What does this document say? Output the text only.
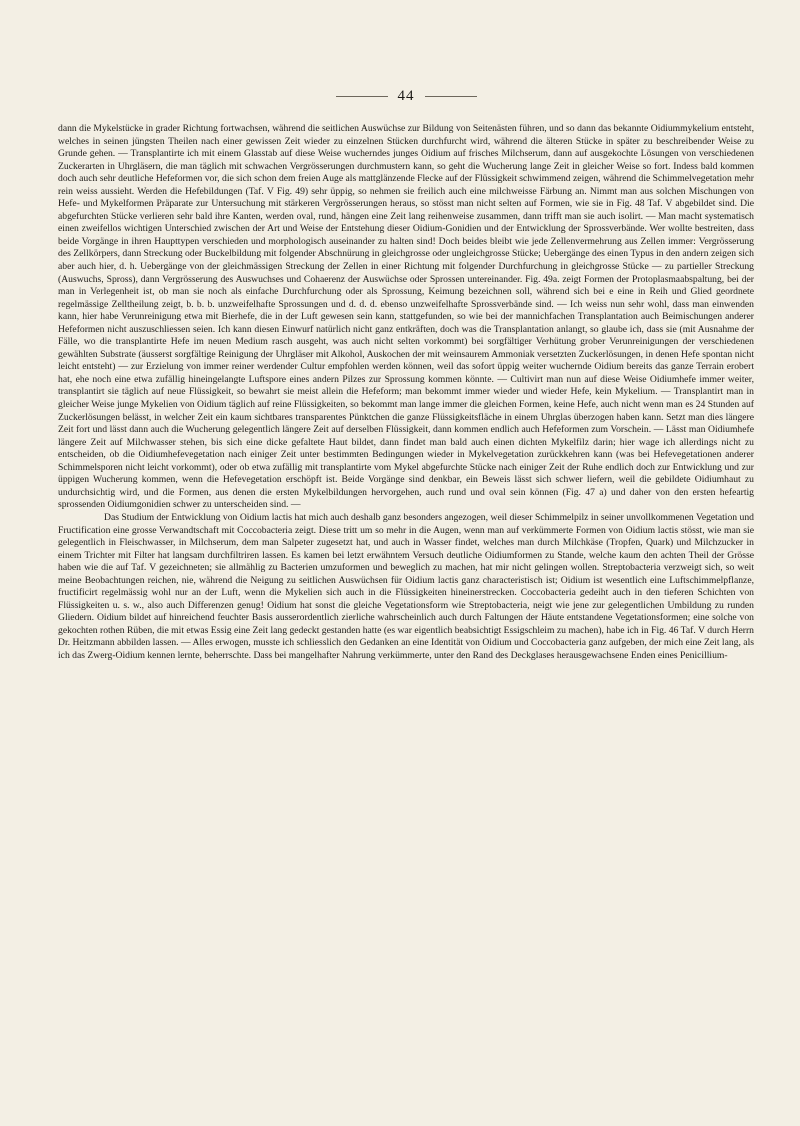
44

dann die Mykelstücke in grader Richtung fortwachsen, während die seitlichen Auswüchse zur Bildung von Seitenästen führen, und so dann das bekannte Oidiummykelium entsteht, welches in seinen jüngsten Theilen nach einer gewissen Zeit wieder zu einzelnen Stücken durchfurcht wird, während die älteren Stücke in später zu beschreibender Weise zu Grunde gehen. — Transplantirte ich mit einem Glasstab auf diese Weise wucherndes junges Oidium auf frisches Milchserum, dann auf ausgekochte Lösungen von verschiedenen Zuckerarten in Uhrgläsern, die man täglich mit schwachen Vergrösserungen durchmustern kann, so geht die Wucherung lange Zeit in gleicher Weise so fort. Indess bald kommen doch auch sehr deutliche Hefeformen vor, die sich schon dem freien Auge als mattglänzende Flecke auf der Flüssigkeit schwimmend zeigen, während die Schimmelvegetation mehr rein weiss aussieht. Werden die Hefebildungen (Taf. V Fig. 49) sehr üppig, so nehmen sie freilich auch eine milchweisse Färbung an. Nimmt man aus solchen Mischungen von Hefe- und Mykelformen Präparate zur Untersuchung mit stärkeren Vergrösserungen heraus, so stösst man nicht selten auf Formen, wie sie in Fig. 48 Taf. V abgebildet sind. Die abgefurchten Stücke verlieren sehr bald ihre Kanten, werden oval, rund, hängen eine Zeit lang reihenweise zusammen, dann trifft man sie auch isolirt. — Man macht systematisch einen zweifellos wichtigen Unterschied zwischen der Art und Weise der Entstehung dieser Oidium-Gonidien und der Entwicklung der Sprossverbände. Wer wollte bestreiten, dass beide Vorgänge in ihren Haupttypen verschieden und morphologisch auseinander zu halten sind! Doch beides bleibt wie jede Zellenvermehrung aus Zellen immer: Vergrösserung des Zellkörpers, dann Streckung oder Buckelbildung mit folgender Abschnürung in gleichgrosse oder ungleichgrosse Stücke; Uebergänge des einen Typus in den andern zeigen sich aber auch hier, d. h. Uebergänge von der gleichmässigen Streckung der Zellen in einer Richtung mit folgender Durchfurchung in gleichgrosse Stücke — zu partieller Streckung (Auswuchs, Spross), dann Vergrösserung des Auswuchses und Cohaerenz der Auswüchse oder Sprossen untereinander. Fig. 49a. zeigt Formen der Protoplasmaabspaltung, bei der man in Verlegenheit ist, ob man sie noch als einfache Durchfurchung oder als Sprossung, Keimung bezeichnen soll, während sich bei e eine in Reih und Glied geordnete regelmässige Zelltheilung zeigt, b. b. b. unzweifelhafte Sprossungen und d. d. d. ebenso unzweifelhafte Sprossverbände sind. — Ich weiss nun sehr wohl, dass man einwenden kann, hier habe Verunreinigung etwa mit Bierhefe, die in der Luft gewesen sein kann, stattgefunden, so wie bei der mannichfachen Transplantation auch Beimischungen anderer Hefeformen nicht auszuschliessen seien. Ich kann diesen Einwurf natürlich nicht ganz entkräften, doch was die Transplantation anlangt, so glaube ich, dass sie (mit Ausnahme der Fälle, wo die transplantirte Hefe im neuen Medium rasch ausgeht, was auch nicht selten vorkommt) bei sorgfältiger Verhütung grober Verunreinigungen der verschiedenen gewählten Substrate (äusserst sorgfältige Reinigung der Uhrgläser mit Alkohol, Auskochen der mit weinsaurem Ammoniak versetzten Zuckerlösungen, in denen Hefe spontan nicht leicht entsteht) — zur Erzielung von immer reiner werdender Cultur empfohlen werden können, weil das sofort üppig weiter wuchernde Oidium bereits das ganze Terrain erobert hat, ehe noch eine etwa zufällig hineingelangte Luftspore eines andern Pilzes zur Sprossung kommen könnte. — Cultivirt man nun auf diese Weise Oidiumhefe immer weiter, transplantirt sie täglich auf neue Flüssigkeit, so bewahrt sie meist allein die Hefeform; man bekommt immer wieder und wieder Hefe, kein Mykelium. — Transplantirt man in gleicher Weise junge Mykelien von Oidium täglich auf reine Flüssigkeiten, so bekommt man lange immer die gleichen Formen, keine Hefe, auch nicht wenn man es 24 Stunden auf Zuckerlösungen belässt, in welcher Zeit ein kaum sichtbares transparentes Pünktchen die ganze Flüssigkeitsfläche in einem Uhrglas überzogen haben kann. Setzt man dies längere Zeit fort und lässt dann auch die Wucherung gelegentlich längere Zeit auf derselben Flüssigkeit, dann kommen endlich auch Hefeformen zum Vorschein. — Lässt man Oidiumhefe längere Zeit auf Milchwasser stehen, bis sich eine dicke gefaltete Haut bildet, dann findet man bald auch einen dichten Mykelfilz darin; hier wage ich allerdings nicht zu entscheiden, ob die Oidiumhefevegetation nach einiger Zeit unter bestimmten Bedingungen wieder in Mykelvegetation zurückkehren kann (was bei Hefevegetationen anderer Schimmelsporen nicht leicht vorkommt), oder ob etwa zufällig mit transplantirte vom Mykel abgefurchte Stücke nach einiger Zeit der Ruhe endlich doch zur Entwicklung und zur üppigen Wucherung kommen, wenn die Hefevegetation erschöpft ist. Beide Vorgänge sind denkbar, ein Beweis lässt sich schwer liefern, weil die gebildete Oidiumhaut zu undurchsichtig wird, und die Formen, aus denen die ersten Mykelbildungen hervorgehen, auch rund und oval sein können (Fig. 47 a) und daher von den ersten hefeartig sprossenden Oidiumgonidien schwer zu unterscheiden sind. —

Das Studium der Entwicklung von Oidium lactis hat mich auch deshalb ganz besonders angezogen, weil dieser Schimmelpilz in seiner unvollkommenen Vegetation und Fructification eine grosse Verwandtschaft mit Coccobacteria zeigt. Diese tritt um so mehr in die Augen, wenn man auf verkümmerte Formen von Oidium lactis stösst, wie man sie gelegentlich in Fleischwasser, in Milchserum, dem man Salpeter zugesetzt hat, und auch in Wasser findet, welches man durch Milchkäse (Tropfen, Quark) und Milchzucker in einem Trichter mit Filter hat langsam durchfiltriren lassen. Es kamen bei letzt erwähntem Versuch deutliche Oidiumformen zu Stande, welche kaum den achten Theil der Grösse haben wie die auf Taf. V gezeichneten; sie allmählig zu Bacterien umzuformen und beweglich zu machen, hat mir nicht gelingen wollen. Streptobacteria verzweigt sich, so weit meine Beobachtungen reichen, nie, während die Neigung zu seitlichen Auswüchsen für Oidium lactis ganz characteristisch ist; Oidium ist wesentlich eine Luftschimmelpflanze, fructificirt regelmässig wohl nur an der Luft, wenn die Mykelien sich auch in die Flüssigkeiten hineinerstrecken. Coccobacteria gedeiht auch in den tieferen Schichten von Flüssigkeiten u. s. w., also auch Differenzen genug! Oidium hat sonst die gleiche Vegetationsform wie Streptobacteria, neigt wie jene zur gelegentlichen Umbildung zu runden Gliedern. Oidium bildet auf hinreichend feuchter Basis ausserordentlich zierliche wahrscheinlich auch durch Faltungen der Häute entstandene Vegetationsformen; eine solche von gekochten rothen Rüben, die mit etwas Essig eine Zeit lang gedeckt gestanden hatte (es war eigentlich beabsichtigt Essigschleim zu machen), habe ich in Fig. 46 Taf. V durch Herrn Dr. Heitzmann abbilden lassen. — Alles erwogen, musste ich schliesslich den Gedanken an eine Identität von Oidium und Coccobacteria ganz aufgeben, der mich eine Zeit lang, als ich das Zwerg-Oidium kennen lernte, beherrschte. Dass bei mangelhafter Nahrung verkümmerte, unter den Rand des Deckglases herausgewachsene Enden eines Penicillium-
